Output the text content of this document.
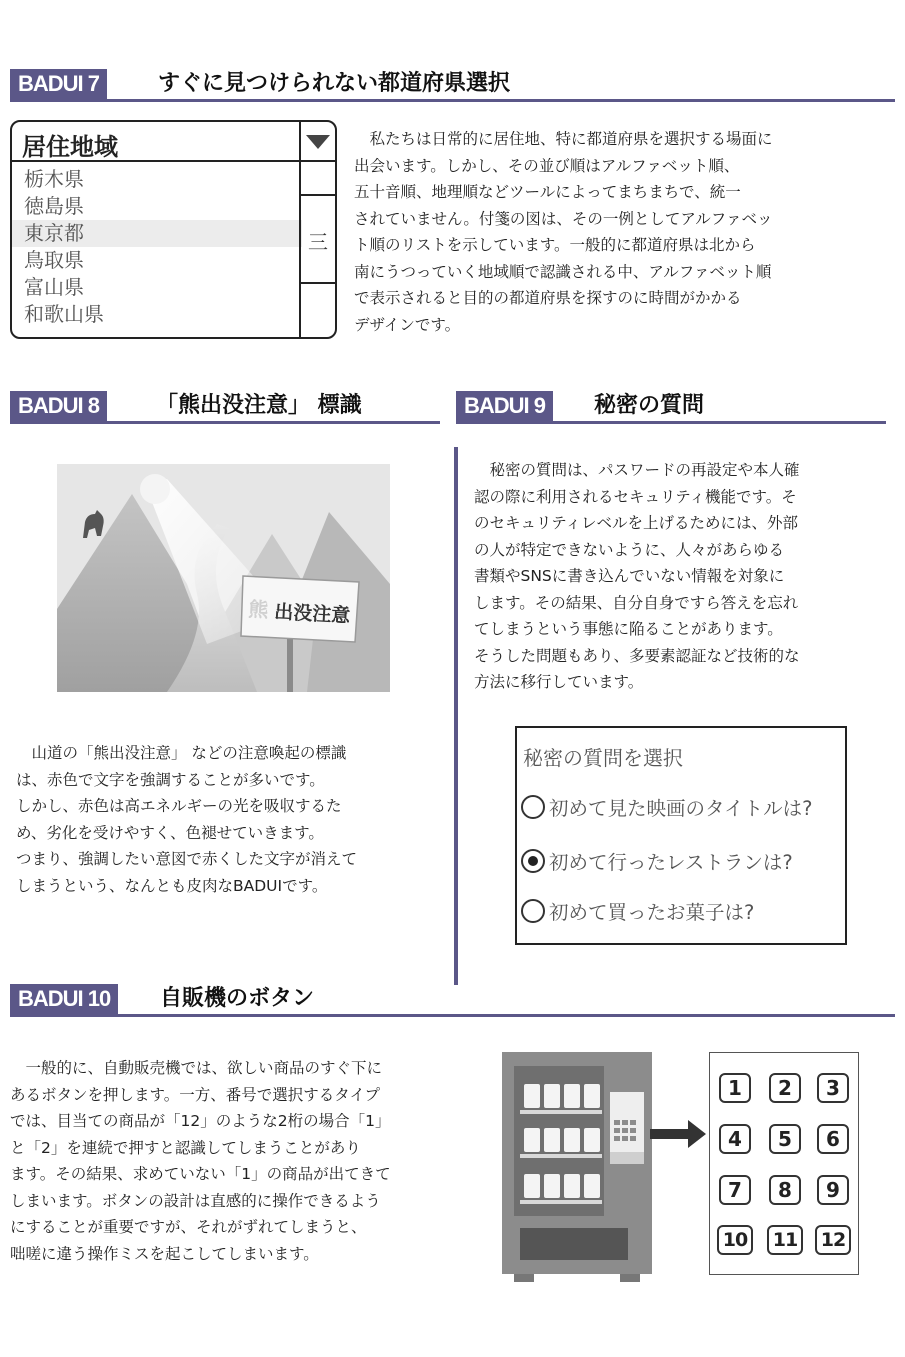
BADUI 7	すぐに見つけられない都道府県選択
居住地域
栃木県
徳島県
東京都
鳥取県
富山県
和歌山県
三

　私たちは日常的に居住地、特に都道府県を選択する場面に

出会います。しかし、その並び順はアルファベット順、

五十音順、地理順などツールによってまちまちで、統一

されていません。付箋の図は、その一例としてアルファベッ

ト順のリストを示しています。一般的に都道府県は北から

南にうつっていく地域順で認識される中、アルファベット順

で表示されると目的の都道府県を探すのに時間がかかる

デザインです。

BADUI 8	「熊出没注意」 標識
熊 出没注意

　山道の「熊出没注意」 などの注意喚起の標識

は、赤色で文字を強調することが多いです。

しかし、赤色は高エネルギーの光を吸収するた

め、劣化を受けやすく、色褪せていきます。

つまり、強調したい意図で赤くした文字が消えて

しまうという、なんとも皮肉なBADUIです。

BADUI 9	秘密の質問

　秘密の質問は、パスワードの再設定や本人確

認の際に利用されるセキュリティ機能です。そ

のセキュリティレベルを上げるためには、外部

の人が特定できないように、人々があらゆる

書類やSNSに書き込んでいない情報を対象に

します。その結果、自分自身ですら答えを忘れ

てしまうという事態に陥ることがあります。

そうした問題もあり、多要素認証など技術的な

方法に移行しています。

秘密の質問を選択
初めて見た映画のタイトルは?
初めて行ったレストランは?
初めて買ったお菓子は?
BADUI 10	自販機のボタン

　一般的に、自動販売機では、欲しい商品のすぐ下に

あるボタンを押します。一方、番号で選択するタイプ

では、目当ての商品が「12」のような2桁の場合「1」

と「2」を連続で押すと認識してしまうことがあり

ます。その結果、求めていない「1」の商品が出てきて

しまいます。ボタンの設計は直感的に操作できるよう

にすることが重要ですが、それがずれてしまうと、

咄嗟に違う操作ミスを起こしてしまいます。

1	2	3
4	5	6
7	8	9
10	11	12
